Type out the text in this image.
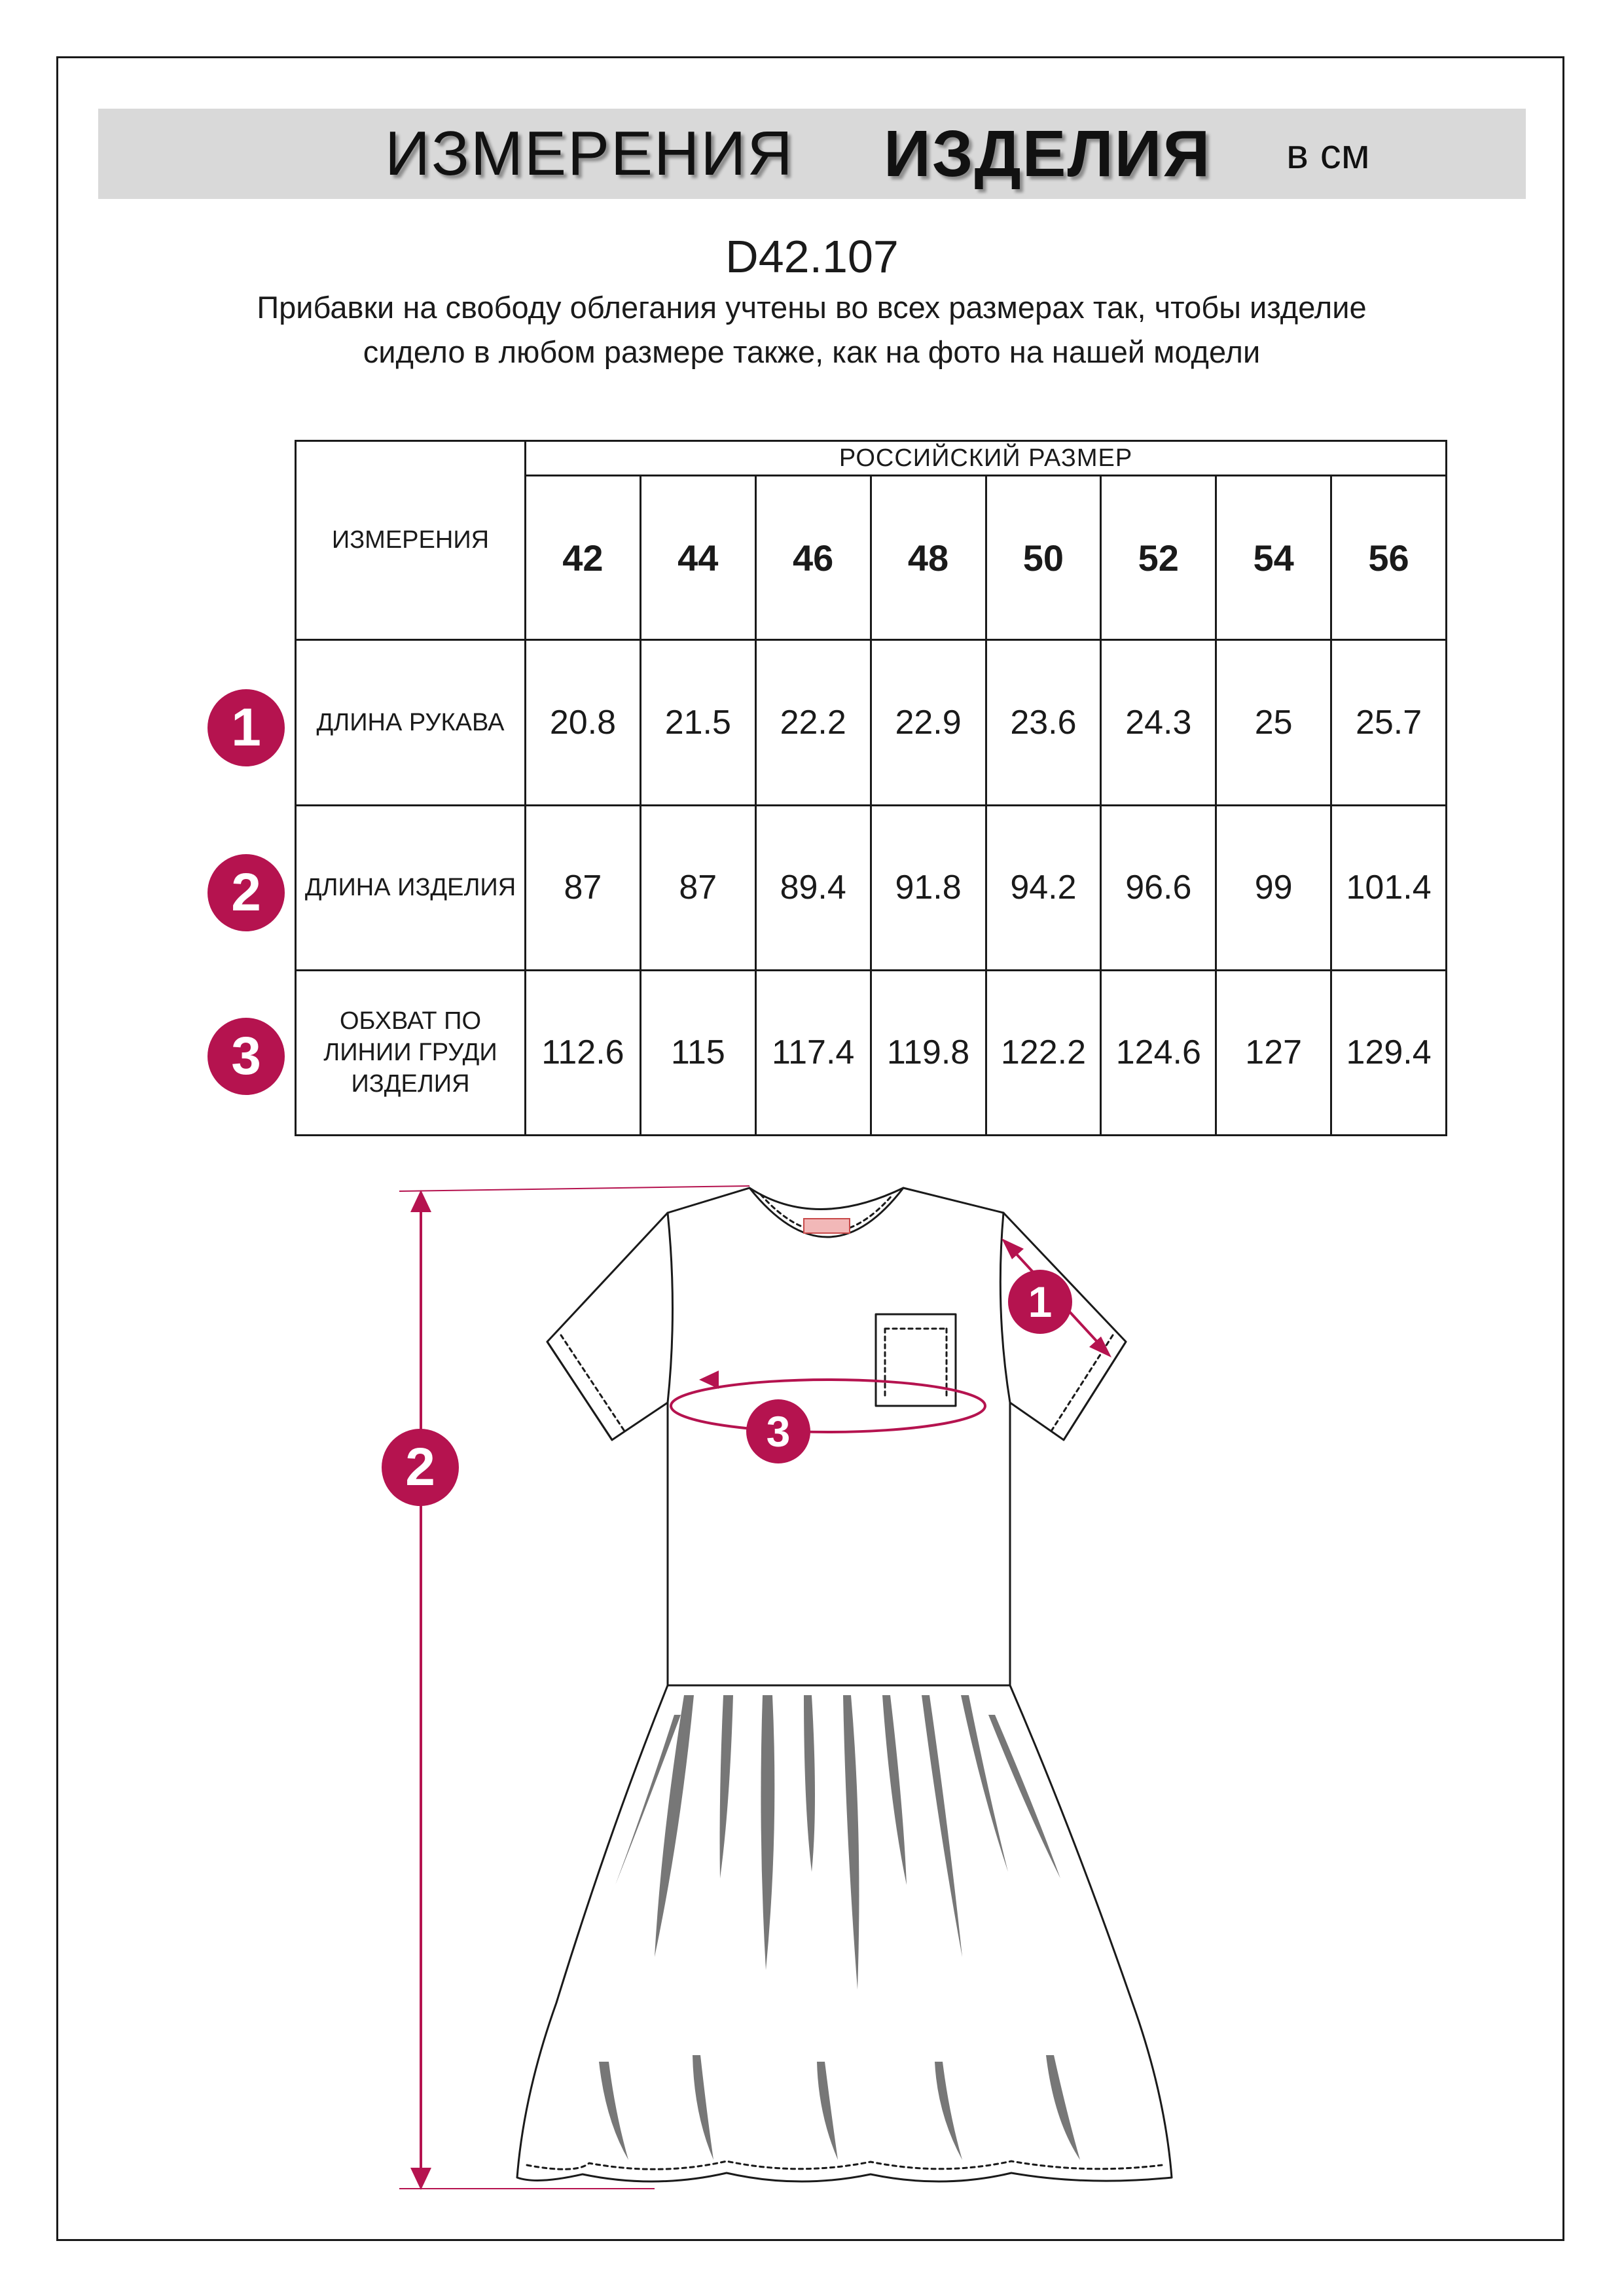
ИЗМЕРЕНИЯ ИЗДЕЛИЯ в см
D42.107
Прибавки на свободу облегания учтены во всех размерах так, чтобы изделие сидело в любом размере также, как на фото на нашей модели
ИЗМЕРЕНИЯ	РОССИЙСКИЙ РАЗМЕР							
	42	44	46	48	50	52	54	56
ДЛИНА РУКАВА	20.8	21.5	22.2	22.9	23.6	24.3	25	25.7
ДЛИНА ИЗДЕЛИЯ	87	87	89.4	91.8	94.2	96.6	99	101.4
ОБХВАТ ПО ЛИНИИ ГРУДИ ИЗДЕЛИЯ	112.6	115	117.4	119.8	122.2	124.6	127	129.4
1
2
3
2
1
3
